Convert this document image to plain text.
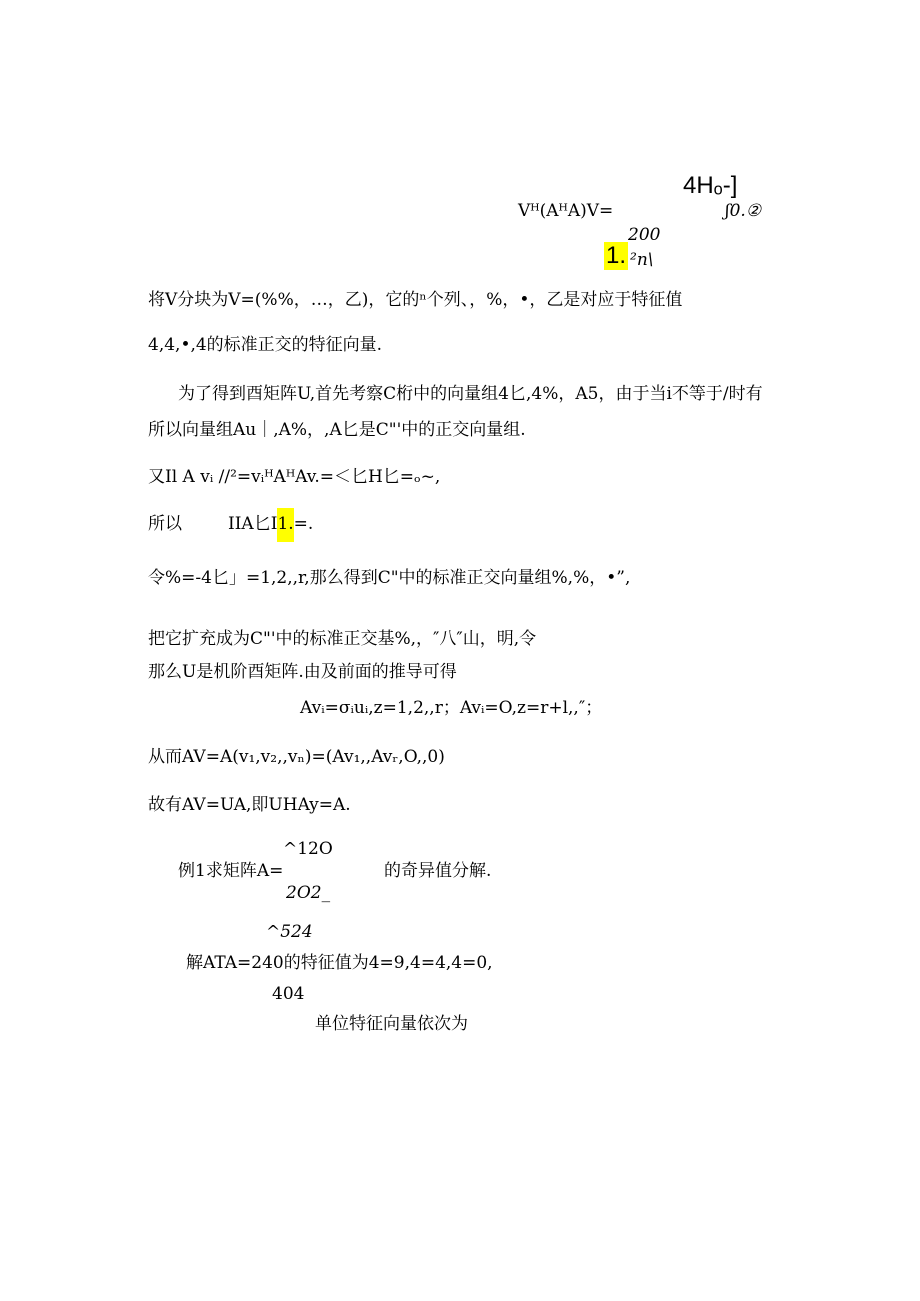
4Hₒ-]
Vᴴ(AᴴA)V=	ʃ0.②
200
1. ²n\
将V分块为V=(%%，…，乙)，它的ⁿ个列、，%，•，乙是对应于特征值
4,4,•,4的标准正交的特征向量.
为了得到酉矩阵U,首先考察C桁中的向量组4匕,4%，A5，由于当i不等于/时有
所以向量组Au｜,A%，,A匕是C"'中的正交向量组.
又Il A vᵢ //²=vᵢᴴAᴴAv.=＜匕H匕=ₒ~,
所以	IIA匕I1.=.
令%=-4匕」=1,2,,r,那么得到C"中的标准正交向量组%,%，•”,
把它扩充成为C"'中的标准正交基%,，″八″山，明,令
那么U是机阶酉矩阵.由及前面的推导可得
Avᵢ=σᵢuᵢ,z=1,2,,r；Avᵢ=O,z=r+l,,″；
从而AV=A(v₁,v₂,,vₙ)=(Av₁,,Avᵣ,O,,0)
故有AV=UA,即UHAy=A.
^12O
例1求矩阵A=	的奇异值分解.
2O2_
^524
解ATA=240的特征值为4=9,4=4,4=0,
404
单位特征向量依次为
